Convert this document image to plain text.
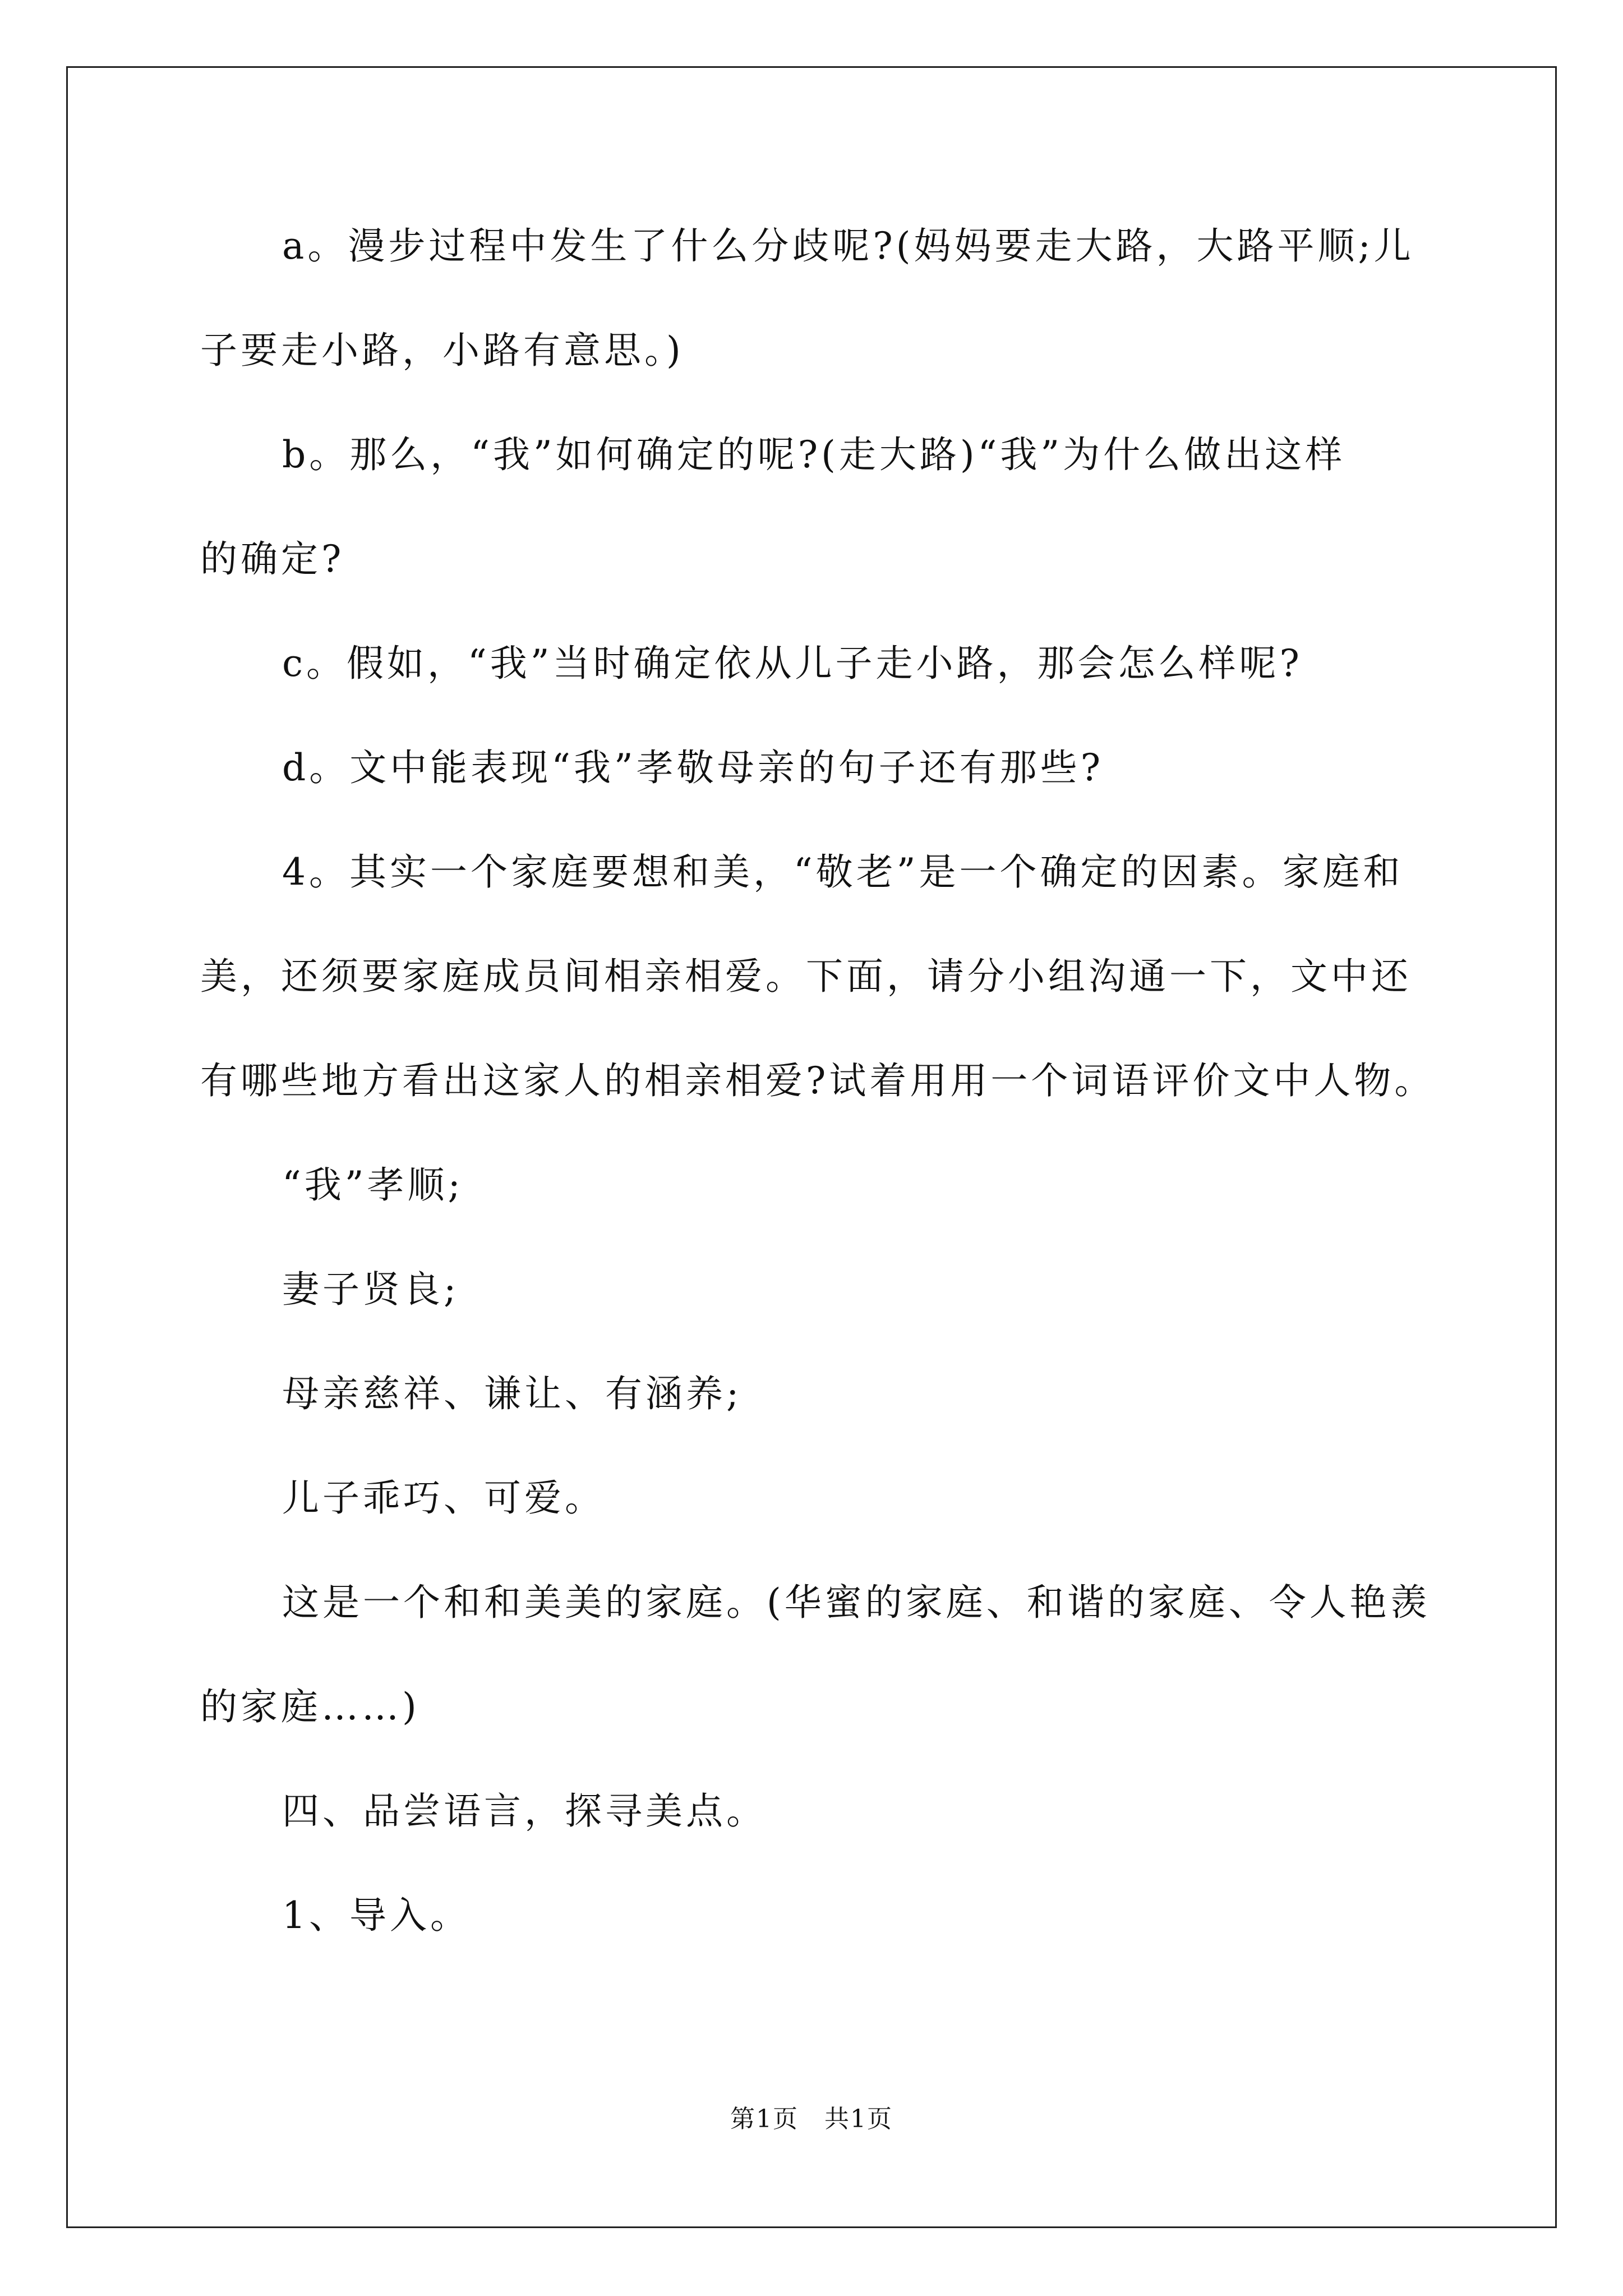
a。漫步过程中发生了什么分歧呢?(妈妈要走大路，大路平顺;儿
子要走小路，小路有意思。)
b。那么，“我”如何确定的呢?(走大路)“我”为什么做出这样
的确定?
c。假如，“我”当时确定依从儿子走小路，那会怎么样呢?
d。文中能表现“我”孝敬母亲的句子还有那些?
4。其实一个家庭要想和美，“敬老”是一个确定的因素。家庭和
美，还须要家庭成员间相亲相爱。下面，请分小组沟通一下，文中还
有哪些地方看出这家人的相亲相爱?试着用用一个词语评价文中人物。
“我”孝顺;
妻子贤良;
母亲慈祥、谦让、有涵养;
儿子乖巧、可爱。
这是一个和和美美的家庭。(华蜜的家庭、和谐的家庭、令人艳羡
的家庭……)
四、品尝语言，探寻美点。
1、导入。
第1页　共1页
